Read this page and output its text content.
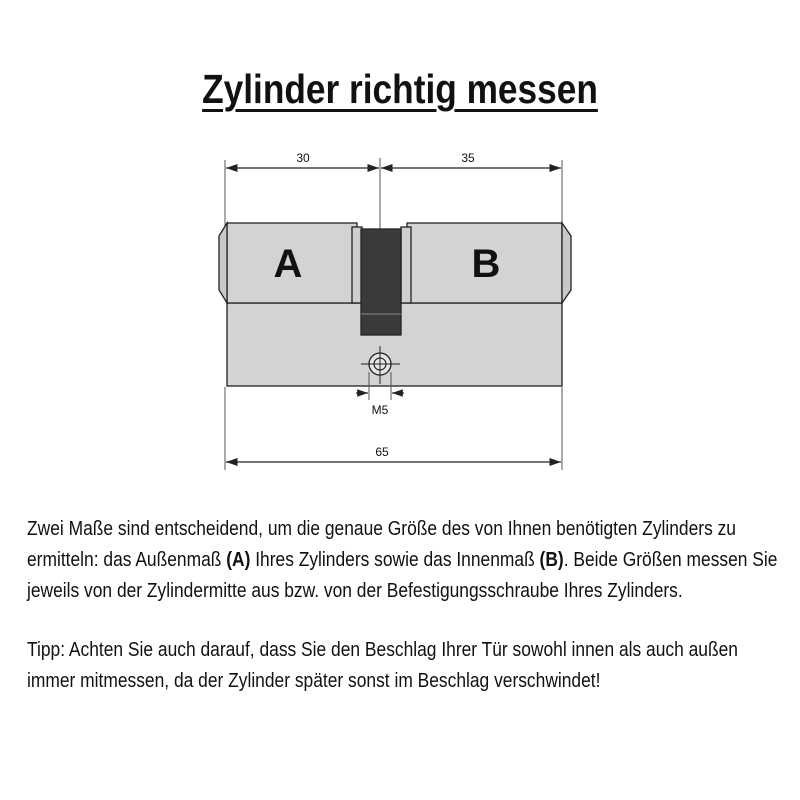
Zylinder richtig messen
A	B
30	35
M5
65

Zwei Maße sind entscheidend, um die genaue Größe des von Ihnen benötigten Zylinders zu ermitteln: das Außenmaß (A) Ihres Zylinders sowie das Innenmaß (B). Beide Größen messen Sie jeweils von der Zylindermitte aus bzw. von der Befestigungsschraube Ihres Zylinders.

Tipp: Achten Sie auch darauf, dass Sie den Beschlag Ihrer Tür sowohl innen als auch außen immer mitmessen, da der Zylinder später sonst im Beschlag verschwindet!
